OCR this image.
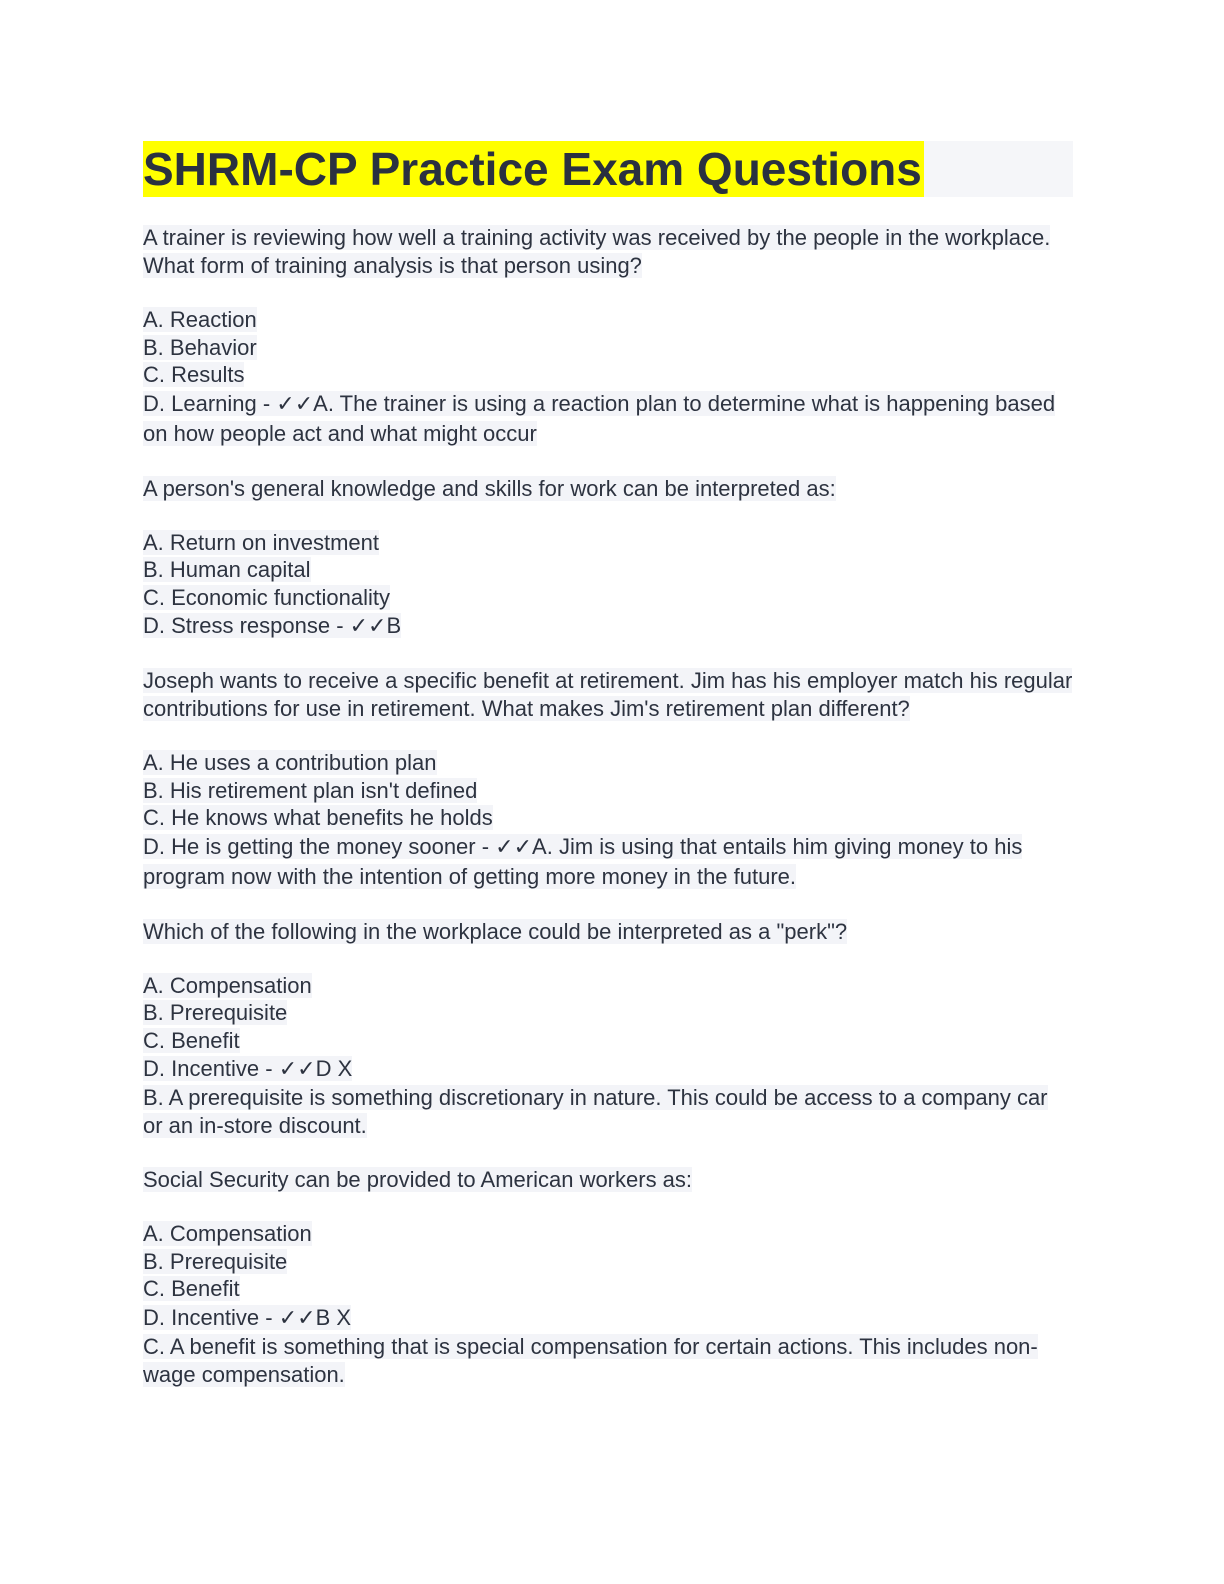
SHRM-CP Practice Exam Questions

A trainer is reviewing how well a training activity was received by the people in the workplace. What form of training analysis is that person using?

A. Reaction

B. Behavior

C. Results

D. Learning - ✓✓A. The trainer is using a reaction plan to determine what is happening based on how people act and what might occur

A person's general knowledge and skills for work can be interpreted as:

A. Return on investment

B. Human capital

C. Economic functionality

D. Stress response - ✓✓B

Joseph wants to receive a specific benefit at retirement. Jim has his employer match his regular contributions for use in retirement. What makes Jim's retirement plan different?

A. He uses a contribution plan

B. His retirement plan isn't defined

C. He knows what benefits he holds

D. He is getting the money sooner - ✓✓A. Jim is using that entails him giving money to his program now with the intention of getting more money in the future.

Which of the following in the workplace could be interpreted as a "perk"?

A. Compensation

B. Prerequisite

C. Benefit

D. Incentive - ✓✓D X

B. A prerequisite is something discretionary in nature. This could be access to a company car or an in-store discount.

Social Security can be provided to American workers as:

A. Compensation

B. Prerequisite

C. Benefit

D. Incentive - ✓✓B X

C. A benefit is something that is special compensation for certain actions. This includes non-wage compensation.
